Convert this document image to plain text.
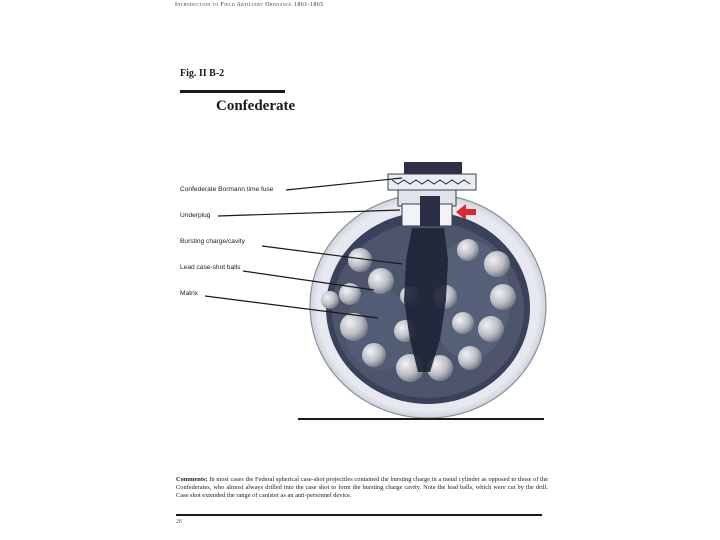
Introduction to Field Artillery Ordnance 1861-1865
Fig. II B-2
Confederate
Confederate Bormann time fuse
Underplug
Bursting charge/cavity
Lead case-shot balls
Matrix
Comments: In most cases the Federal spherical case-shot projectiles contained the bursting charge in a metal cylinder as opposed to those of the Confederates, who almost always drilled into the case shot to form the bursting charge cavity. Note the lead balls, which were cut by the drill. Case shot extended the range of canister as an anti-personnel device.
26
